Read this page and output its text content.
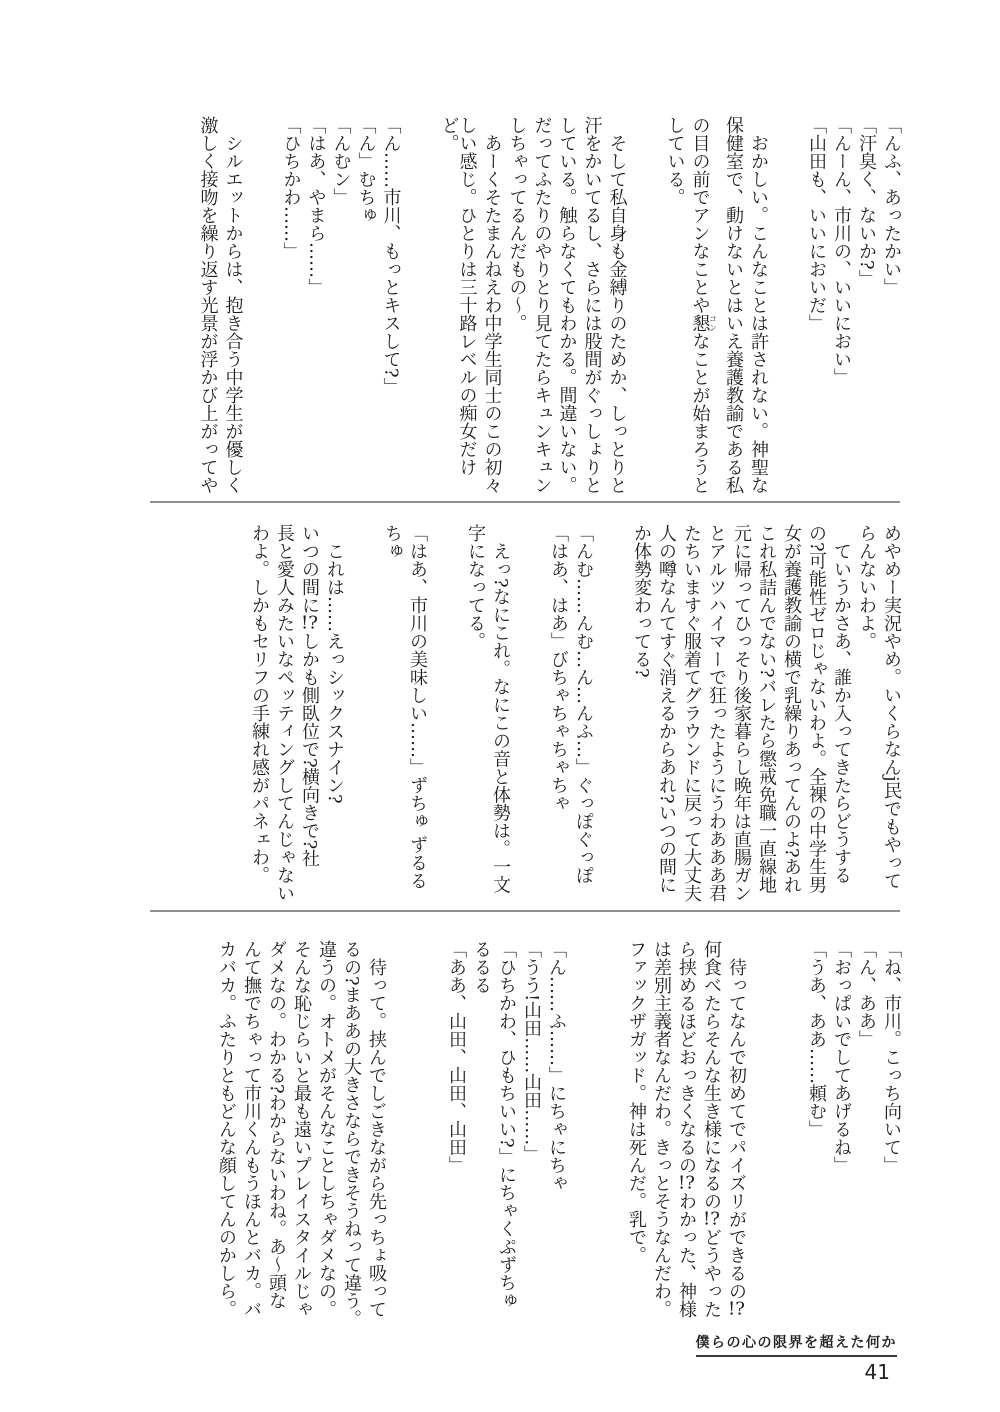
「んふ、あったかい」

「汗臭く、ないか?」

「んーん、市川の、いいにおい」

「山田も、いいにおいだ」

おかしい。こんなことは許されない。神聖な

保健室で、動けないとはいえ養護教諭である私

の目の前でアンなことや懇コンなことが始まろうと

している。

そして私自身も金縛りのためか、しっとりと

汗をかいてるし、さらには股間がぐっしょりと

している。触らなくてもわかる。間違いない。

だってふたりのやりとり見てたらキュンキュン

しちゃってるんだもの〜。

あーくそたまんねえわ中学生同士のこの初々

しい感じ。ひとりは三十路レベルの痴女だけど。

「ん……市川、もっとキスして?」

「ん」むちゅ

「んむン」

「はあ、やまら……」

「ひちかわ……」

シルエットからは、抱き合う中学生が優しく

激しく接吻を繰り返す光景が浮かび上がってや

めやめー実況やめ。いくらなんj民でもやって

らんないわよ。

ていうかさあ、誰か入ってきたらどうする

の?可能性ゼロじゃないわよ。全裸の中学生男

女が養護教諭の横で乳繰りあってんのよ?あれ

これ私詰んでない?バレたら懲戒免職一直線地

元に帰ってひっそり後家暮らし晩年は直腸ガン

とアルツハイマーで狂ったようにうわあああ君

たちいますぐ服着てグラウンドに戻って大丈夫

人の噂なんてすぐ消えるからあれ?いつの間に

か体勢変わってる?

「んむ……んむ…ん…んふ…」ぐっぽぐっぽ

「はあ、はあ」びちゃちゃちゃちゃ

えっ?なにこれ。なにこの音と体勢は。一文

字になってる。

「はあ、市川の美味しい……」ずちゅ ずるる

ちゅ

これは……えっシックスナイン?

いつの間に!?しかも側臥位で?横向きで?社

長と愛人みたいなペッティングしてんじゃない

わよ。しかもセリフの手練れ感がパネェわ。

「ね、市川。こっち向いて」

「ん、ああ」

「おっぱいでしてあげるね」

「うあ、ああ……頼む」

待ってなんで初めてでパイズリができるの!?

何食べたらそんな生き様になるの!?どうやった

ら挟めるほどおっきくなるの!?わかった、神様

は差別主義者なんだわ。きっとそうなんだわ。

ファックザガッド。神は死んだ。乳で。

「ん……ふ……」にちゃにちゃ

「うう!山田……山田……」

「ひちかわ、ひもちいい?」にちゃくぷずちゅ

るるる

「ああ、山田、山田、山田」

待って。挟んでしごきながら先っちょ吸って

るの?まああの大きさならできそうねって違う。

違うの。オトメがそんなことしちゃダメなの。

そんな恥じらいと最も遠いプレイスタイルじゃ

ダメなの。わかる?わからないわね。あ〜頭な

んて撫でちゃって市川くんもうほんとバカ。バ

カバカ。ふたりともどんな顔してんのかしら。

僕らの心の限界を超えた何か
41
